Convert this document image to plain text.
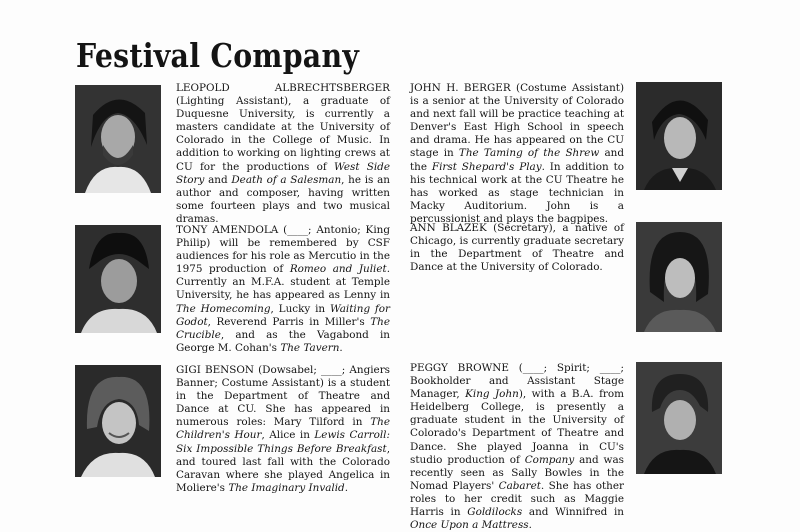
Festival Company
LEOPOLD ALBRECHTSBERGER (Lighting Assistant), a graduate of Duquesne University, is currently a masters candidate at the University of Colorado in the College of Music. In addition to working on lighting crews at CU for the productions of West Side Story and Death of a Salesman, he is an author and composer, having written some fourteen plays and two musical dramas.
JOHN H. BERGER (Costume Assistant) is a senior at the University of Colorado and next fall will be practice teaching at Denver's East High School in speech and drama. He has appeared on the CU stage in The Taming of the Shrew and the First Shepard's Play. In addition to his technical work at the CU Theatre he has worked as stage technician in Macky Auditorium. John is a percussionist and plays the bagpipes.
TONY AMENDOLA (____; Antonio; King Philip) will be remembered by CSF audiences for his role as Mercutio in the 1975 production of Romeo and Juliet. Currently an M.F.A. student at Temple University, he has appeared as Lenny in The Homecoming, Lucky in Waiting for Godot, Reverend Parris in Miller's The Crucible, and as the Vagabond in George M. Cohan's The Tavern.
ANN BLAZEK (Secretary), a native of Chicago, is currently graduate secretary in the Department of Theatre and Dance at the University of Colorado.
GIGI BENSON (Dowsabel; ____; Angiers Banner; Costume Assistant) is a student in the Department of Theatre and Dance at CU. She has appeared in numerous roles: Mary Tilford in The Children's Hour, Alice in Lewis Carroll: Six Impossible Things Before Breakfast, and toured last fall with the Colorado Caravan where she played Angelica in Moliere's The Imaginary Invalid.
PEGGY BROWNE (____; Spirit; ____; Bookholder and Assistant Stage Manager, King John), with a B.A. from Heidelberg College, is presently a graduate student in the University of Colorado's Department of Theatre and Dance. She played Joanna in CU's studio production of Company and was recently seen as Sally Bowles in the Nomad Players' Cabaret. She has other roles to her credit such as Maggie Harris in Goldilocks and Winnifred in Once Upon a Mattress.
